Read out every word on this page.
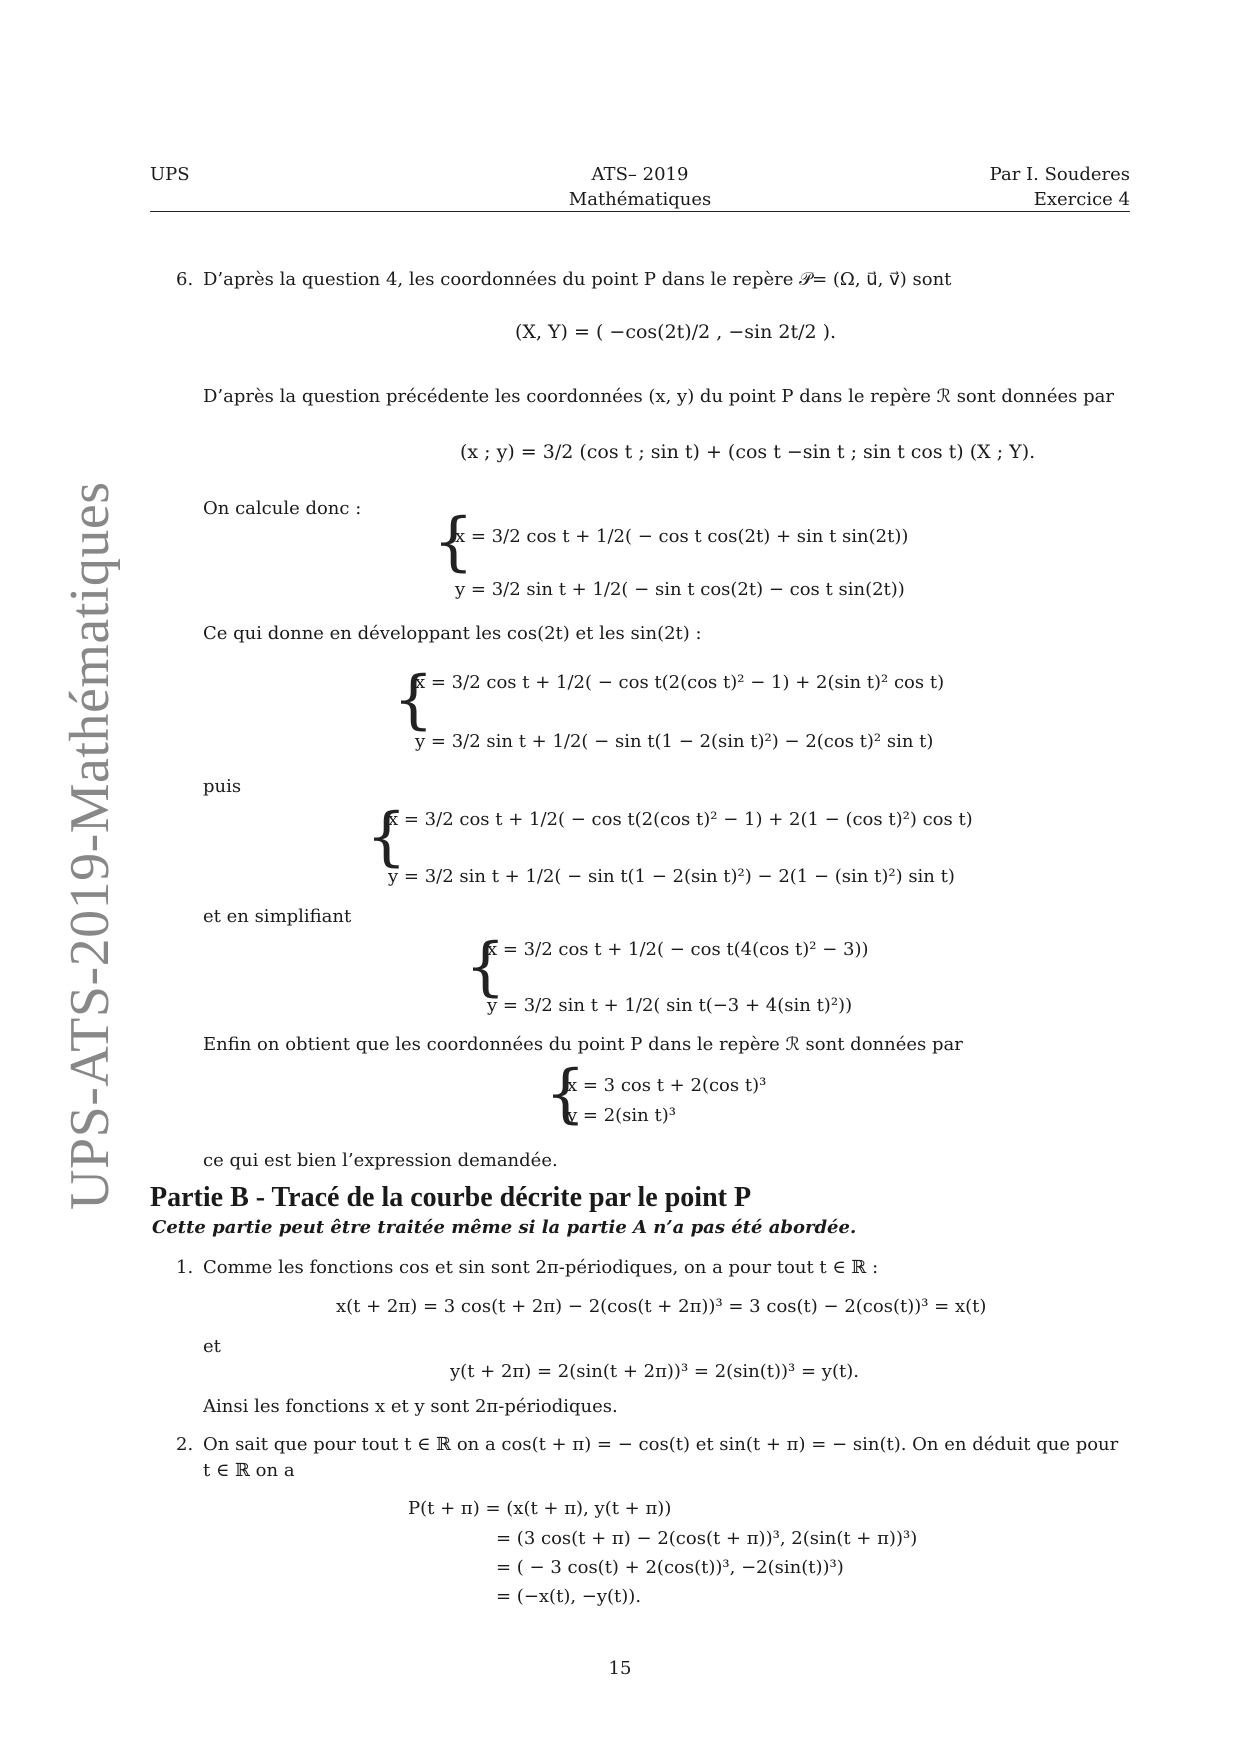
UPS	ATS– 2019
Mathématiques
Par I. Souderes
Exercice 4
UPS-ATS-2019-Mathématiques
6. D’après la question 4, les coordonnées du point P dans le repère 𝒫= (Ω, u⃗, v⃗) sont
(X, Y) = ( −cos(2t)/2 , −sin 2t/2 ).
D’après la question précédente les coordonnées (x, y) du point P dans le repère ℛ sont données par
(x ; y) = 3/2 (cos t ; sin t) + (cos t −sin t ; sin t cos t) (X ; Y).
On calcule donc : {
x = 3/2 cos t + 1/2( − cos t cos(2t) + sin t sin(2t))
y = 3/2 sin t + 1/2( − sin t cos(2t) − cos t sin(2t))
Ce qui donne en développant les cos(2t) et les sin(2t) :
{
x = 3/2 cos t + 1/2( − cos t(2(cos t)² − 1) + 2(sin t)² cos t)
y = 3/2 sin t + 1/2( − sin t(1 − 2(sin t)²) − 2(cos t)² sin t)
puis
{
x = 3/2 cos t + 1/2( − cos t(2(cos t)² − 1) + 2(1 − (cos t)²) cos t)
y = 3/2 sin t + 1/2( − sin t(1 − 2(sin t)²) − 2(1 − (sin t)²) sin t)
et en simplifiant
{
x = 3/2 cos t + 1/2( − cos t(4(cos t)² − 3))
y = 3/2 sin t + 1/2( sin t(−3 + 4(sin t)²))
Enfin on obtient que les coordonnées du point P dans le repère ℛ sont données par
{
x = 3 cos t + 2(cos t)³
y = 2(sin t)³
ce qui est bien l’expression demandée.
Partie B - Tracé de la courbe décrite par le point P
Cette partie peut être traitée même si la partie A n’a pas été abordée.
1. Comme les fonctions cos et sin sont 2π-périodiques, on a pour tout t ∈ ℝ :
x(t + 2π) = 3 cos(t + 2π) − 2(cos(t + 2π))³ = 3 cos(t) − 2(cos(t))³ = x(t)
et
y(t + 2π) = 2(sin(t + 2π))³ = 2(sin(t))³ = y(t).
Ainsi les fonctions x et y sont 2π-périodiques.
2. On sait que pour tout t ∈ ℝ on a cos(t + π) = − cos(t) et sin(t + π) = − sin(t). On en déduit que pour
t ∈ ℝ on a
P(t + π) = (x(t + π), y(t + π))
= (3 cos(t + π) − 2(cos(t + π))³, 2(sin(t + π))³)
= ( − 3 cos(t) + 2(cos(t))³, −2(sin(t))³)
= (−x(t), −y(t)).
15
